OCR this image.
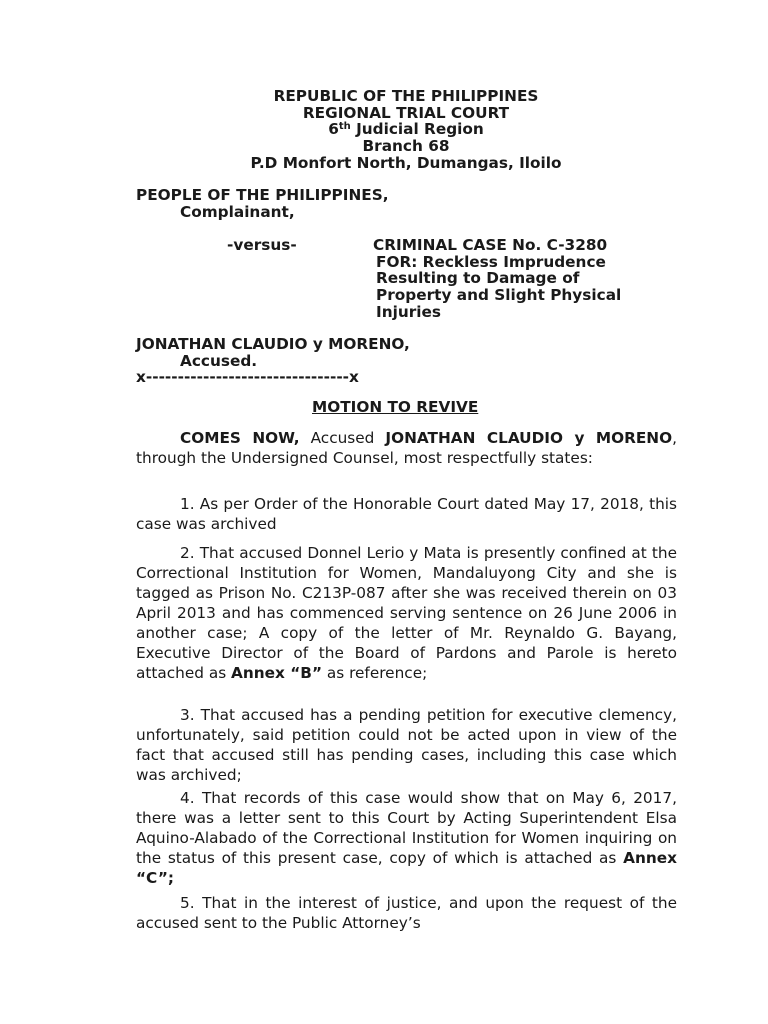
REPUBLIC OF THE PHILIPPINES
REGIONAL TRIAL COURT
6th Judicial Region
Branch 68
P.D Monfort North, Dumangas, Iloilo
PEOPLE OF THE PHILIPPINES,
Complainant,
-versus-	CRIMINAL CASE No. C-3280
FOR: Reckless Imprudence
Resulting to Damage of
Property and Slight Physical
Injuries
JONATHAN CLAUDIO y MORENO,
Accused.
x--------------------------------x
MOTION TO REVIVE

COMES NOW, Accused JONATHAN CLAUDIO y MORENO, through the Undersigned Counsel, most respectfully states:

1. As per Order of the Honorable Court dated May 17, 2018, this case was archived

2. That accused Donnel Lerio y Mata is presently confined at the Correctional Institution for Women, Mandaluyong City and she is tagged as Prison No. C213P-087 after she was received therein on 03 April 2013 and has commenced serving sentence on 26 June 2006 in another case; A copy of the letter of Mr. Reynaldo G. Bayang, Executive Director of the Board of Pardons and Parole is hereto attached as Annex “B” as reference;

3. That accused has a pending petition for executive clemency, unfortunately, said petition could not be acted upon in view of the fact that accused still has pending cases, including this case which was archived;

4. That records of this case would show that on May 6, 2017, there was a letter sent to this Court by Acting Superintendent Elsa Aquino-Alabado of the Correctional Institution for Women inquiring on the status of this present case, copy of which is attached as Annex “C”;

5. That in the interest of justice, and upon the request of the accused sent to the Public Attorney’s
